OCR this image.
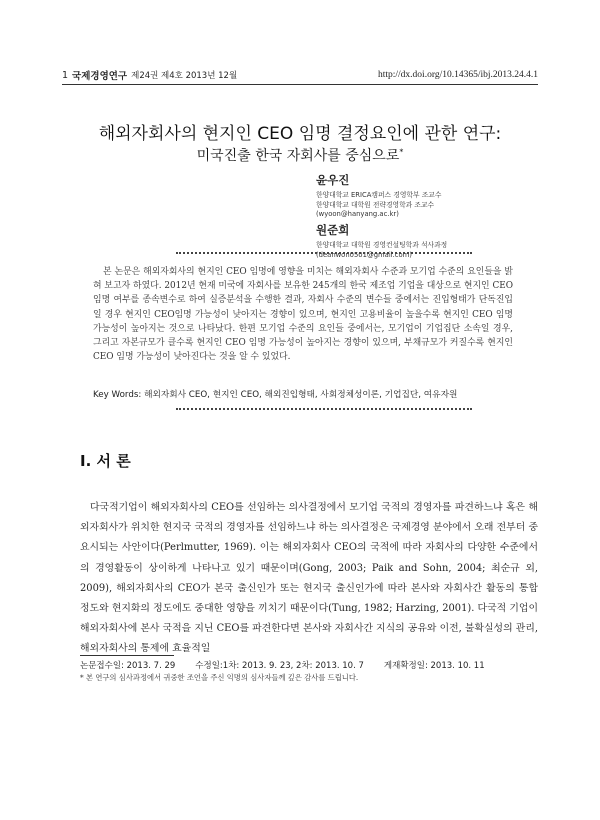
1 국제경영연구 제24권 제4호 2013년 12월	http://dx.doi.org/10.14365/ibj.2013.24.4.1
해외자회사의 현지인 CEO 임명 결정요인에 관한 연구:
미국진출 한국 자회사를 중심으로*
윤우진
한양대학교 ERICA캠퍼스 경영학부 조교수
한양대학교 대학원 전략경영학과 조교수
(wyoon@hanyang.ac.kr)
원준희
한양대학교 대학원 경영컨설팅학과 석사과정
(deanwon0501@gmail.com)
본 논문은 해외자회사의 현지인 CEO 임명에 영향을 미치는 해외자회사 수준과 모기업 수준의 요인들을 밝혀 보고자 하였다. 2012년 현재 미국에 자회사를 보유한 245개의 한국 제조업 기업을 대상으로 현지인 CEO 임명 여부를 종속변수로 하여 실증분석을 수행한 결과, 자회사 수준의 변수들 중에서는 진입형태가 단독진입일 경우 현지인 CEO임명 가능성이 낮아지는 경향이 있으며, 현지인 고용비율이 높을수록 현지인 CEO 임명 가능성이 높아지는 것으로 나타났다. 한편 모기업 수준의 요인들 중에서는, 모기업이 기업집단 소속일 경우, 그리고 자본규모가 클수록 현지인 CEO 임명 가능성이 높아지는 경향이 있으며, 부채규모가 커질수록 현지인 CEO 임명 가능성이 낮아진다는 것을 알 수 있었다.
Key Words: 해외자회사 CEO, 현지인 CEO, 해외진입형태, 사회정체성이론, 기업집단, 여유자원
Ⅰ. 서 론
다국적기업이 해외자회사의 CEO를 선임하는 의사결정에서 모기업 국적의 경영자를 파견하느냐 혹은 해외자회사가 위치한 현지국 국적의 경영자를 선임하느냐 하는 의사결정은 국제경영 분야에서 오래 전부터 중요시되는 사안이다(Perlmutter, 1969). 이는 해외자회사 CEO의 국적에 따라 자회사의 다양한 수준에서의 경영활동이 상이하게 나타나고 있기 때문이며(Gong, 2003; Paik and Sohn, 2004; 최순규 외, 2009), 해외자회사의 CEO가 본국 출신인가 또는 현지국 출신인가에 따라 본사와 자회사간 활동의 통합 정도와 현지화의 정도에도 중대한 영향을 끼치기 때문이다(Tung, 1982; Harzing, 2001). 다국적 기업이 해외자회사에 본사 국적을 지닌 CEO를 파견한다면 본사와 자회사간 지식의 공유와 이전, 불확실성의 관리, 해외자회사의 통제에 효율적일
논문접수일: 2013. 7. 29 수정일:1차: 2013. 9. 23, 2차: 2013. 10. 7 게재확정일: 2013. 10. 11
* 본 연구의 심사과정에서 귀중한 조언을 주신 익명의 심사자들께 깊은 감사를 드립니다.
